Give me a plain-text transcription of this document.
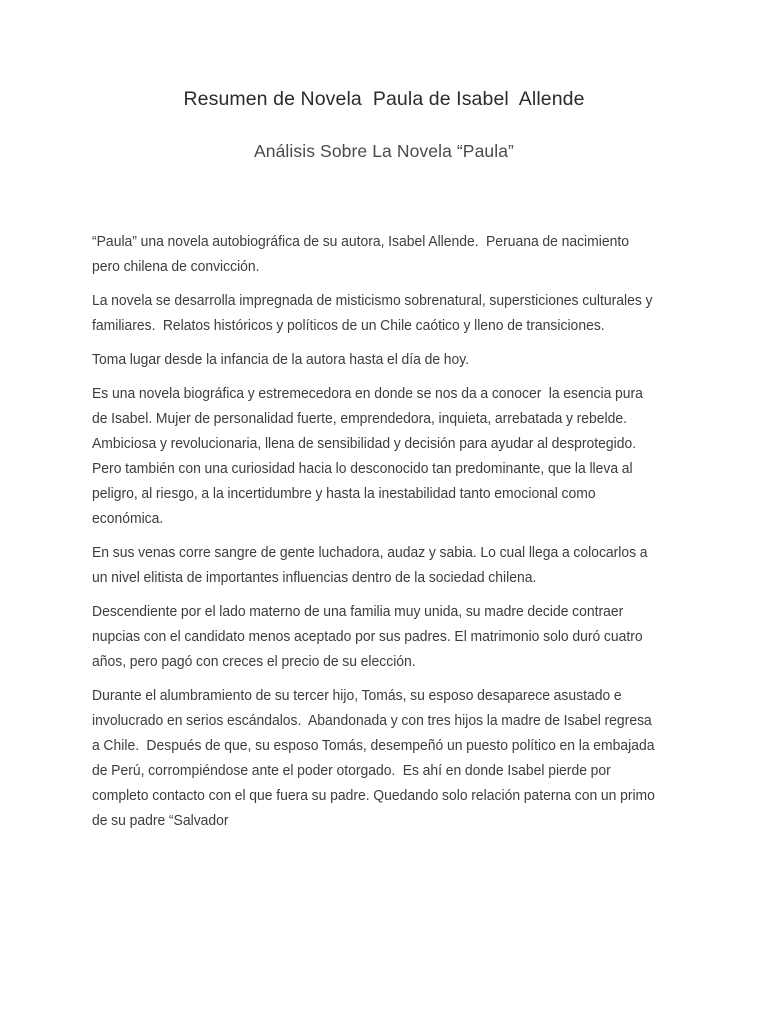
Resumen de Novela  Paula de Isabel  Allende
Análisis Sobre La Novela “Paula”

“Paula” una novela autobiográfica de su autora, Isabel Allende.  Peruana de nacimiento pero chilena de convicción.

La novela se desarrolla impregnada de misticismo sobrenatural, supersticiones culturales y familiares.  Relatos históricos y políticos de un Chile caótico y lleno de transiciones.

Toma lugar desde la infancia de la autora hasta el día de hoy.

Es una novela biográfica y estremecedora en donde se nos da a conocer  la esencia pura de Isabel. Mujer de personalidad fuerte, emprendedora, inquieta, arrebatada y rebelde.  Ambiciosa y revolucionaria, llena de sensibilidad y decisión para ayudar al desprotegido. Pero también con una curiosidad hacia lo desconocido tan predominante, que la lleva al peligro, al riesgo, a la incertidumbre y hasta la inestabilidad tanto emocional como económica.

En sus venas corre sangre de gente luchadora, audaz y sabia. Lo cual llega a colocarlos a un nivel elitista de importantes influencias dentro de la sociedad chilena.

Descendiente por el lado materno de una familia muy unida, su madre decide contraer nupcias con el candidato menos aceptado por sus padres. El matrimonio solo duró cuatro años, pero pagó con creces el precio de su elección.

Durante el alumbramiento de su tercer hijo, Tomás, su esposo desaparece asustado e involucrado en serios escándalos.  Abandonada y con tres hijos la madre de Isabel regresa a Chile.  Después de que, su esposo Tomás, desempeñó un puesto político en la embajada de Perú, corrompiéndose ante el poder otorgado.  Es ahí en donde Isabel pierde por completo contacto con el que fuera su padre. Quedando solo relación paterna con un primo de su padre “Salvador
